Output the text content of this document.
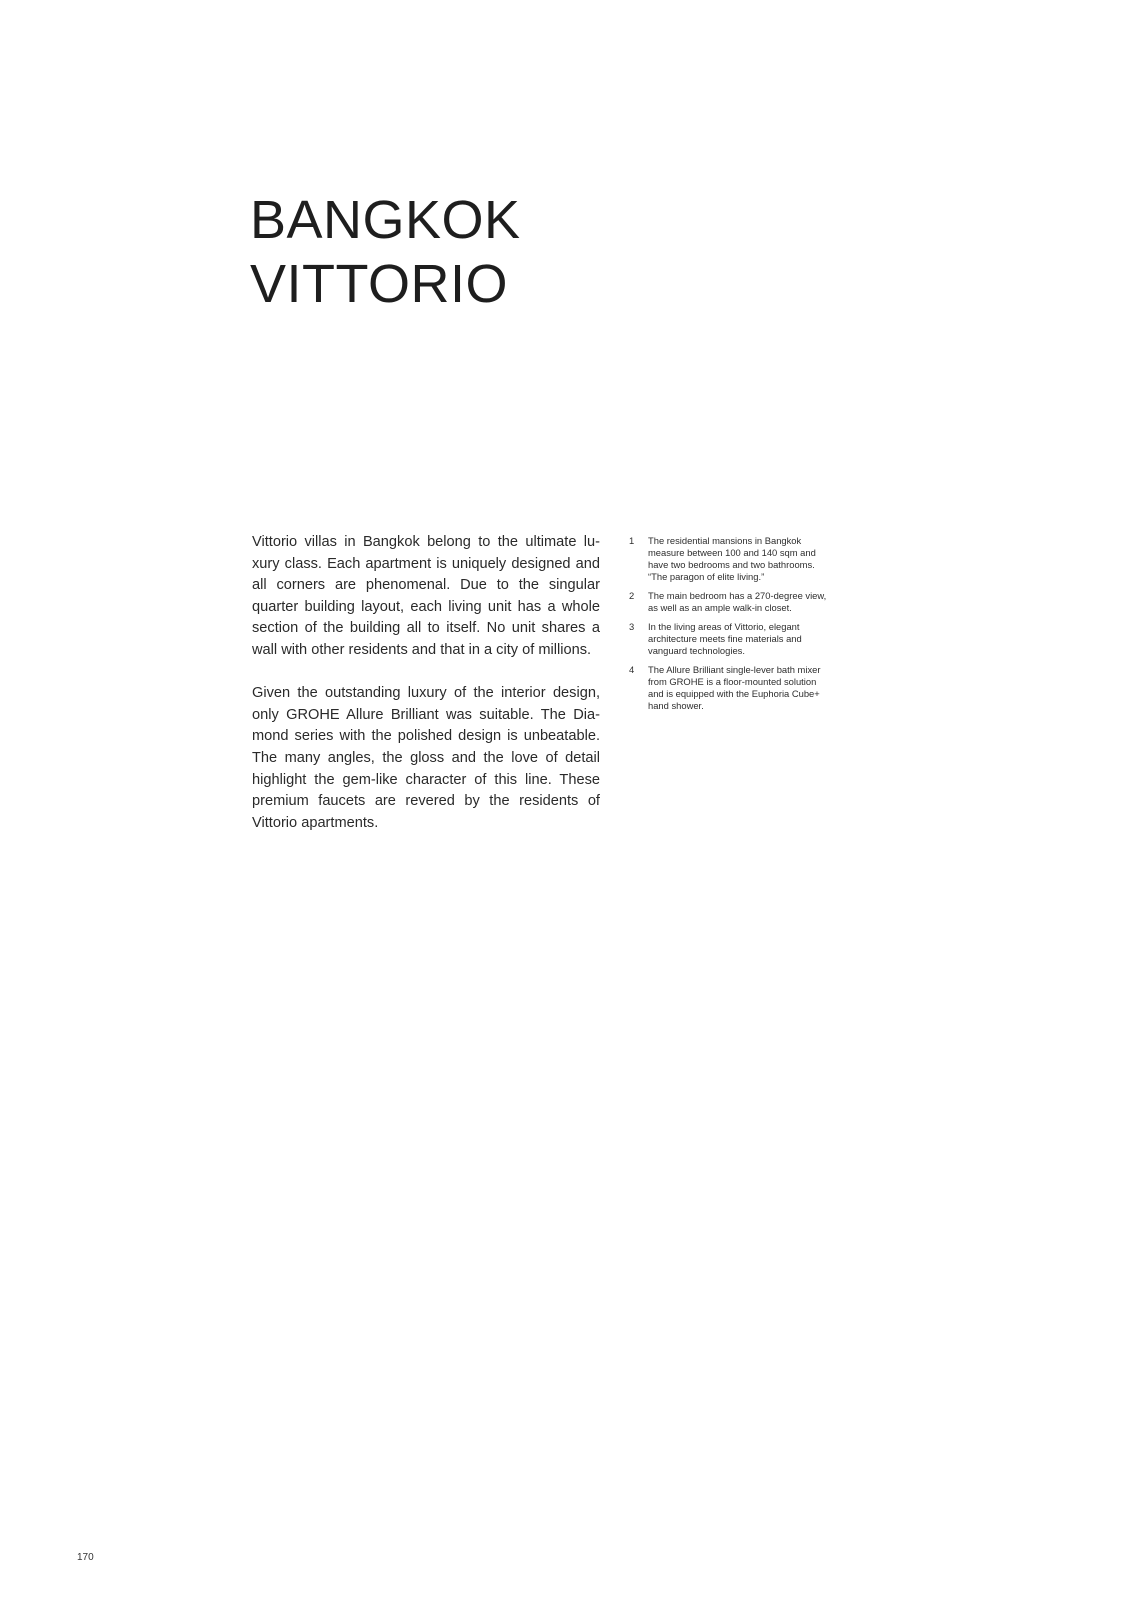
BANGKOK
VITTORIO

Vittorio villas in Bangkok belong to the ultimate lu-xury class. Each apartment is uniquely designed and all corners are phenomenal. Due to the singular quarter building layout, each living unit has a whole section of the building all to itself. No unit shares a wall with other residents and that in a city of millions.

Given the outstanding luxury of the interior design, only GROHE Allure Brilliant was suitable. The Dia-mond series with the polished design is unbeatable. The many angles, the gloss and the love of detail highlight the gem-like character of this line. These premium faucets are revered by the residents of Vittorio apartments.

1	The residential mansions in Bangkok measure between 100 and 140 sqm and have two bedrooms and two bathrooms. “The paragon of elite living.”
2	The main bedroom has a 270-degree view, as well as an ample walk-in closet.
3	In the living areas of Vittorio, elegant architecture meets fine materials and vanguard technologies.
4	The Allure Brilliant single-lever bath mixer from GROHE is a floor-mounted solution and is equipped with the Euphoria Cube+ hand shower.
170
